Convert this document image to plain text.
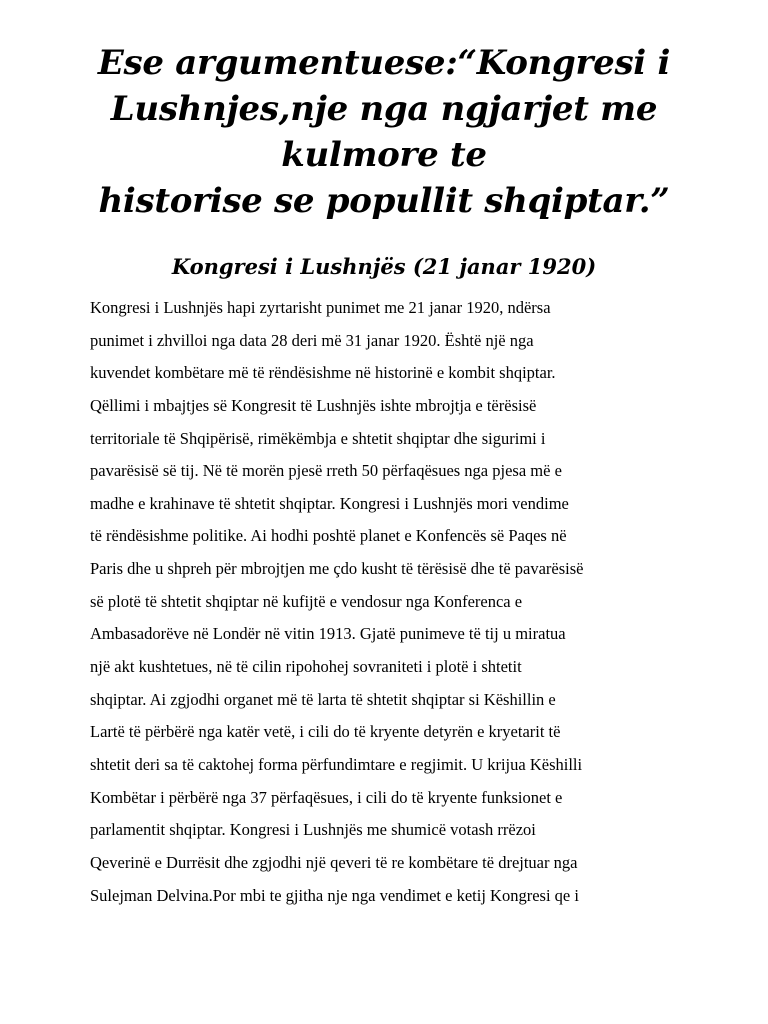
Ese argumentuese:“Kongresi i
Lushnjes,nje nga ngjarjet me kulmore te
historise se popullit shqiptar.”
Kongresi i Lushnjës (21 janar 1920)
Kongresi i Lushnjës hapi zyrtarisht punimet me 21 janar 1920, ndërsa
punimet i zhvilloi nga data 28 deri më 31 janar 1920. Është një nga
kuvendet kombëtare më të rëndësishme në historinë e kombit shqiptar.
Qëllimi i mbajtjes së Kongresit të Lushnjës ishte mbrojtja e tërësisë
territoriale të Shqipërisë, rimëkëmbja e shtetit shqiptar dhe sigurimi i
pavarësisë së tij. Në të morën pjesë rreth 50 përfaqësues nga pjesa më e
madhe e krahinave të shtetit shqiptar. Kongresi i Lushnjës mori vendime
të rëndësishme politike. Ai hodhi poshtë planet e Konfencës së Paqes në
Paris dhe u shpreh për mbrojtjen me çdo kusht të tërësisë dhe të pavarësisë
së plotë të shtetit shqiptar në kufijtë e vendosur nga Konferenca e
Ambasadorëve në Londër në vitin 1913. Gjatë punimeve të tij u miratua
një akt kushtetues, në të cilin ripohohej sovraniteti i plotë i shtetit
shqiptar. Ai zgjodhi organet më të larta të shtetit shqiptar si Këshillin e
Lartë të përbërë nga katër vetë, i cili do të kryente detyrën e kryetarit të
shtetit deri sa të caktohej forma përfundimtare e regjimit. U krijua Këshilli
Kombëtar i përbërë nga 37 përfaqësues, i cili do të kryente funksionet e
parlamentit shqiptar. Kongresi i Lushnjës me shumicë votash rrëzoi
Qeverinë e Durrësit dhe zgjodhi një qeveri të re kombëtare të drejtuar nga
Sulejman Delvina.Por mbi te gjitha nje nga vendimet e ketij Kongresi qe i
